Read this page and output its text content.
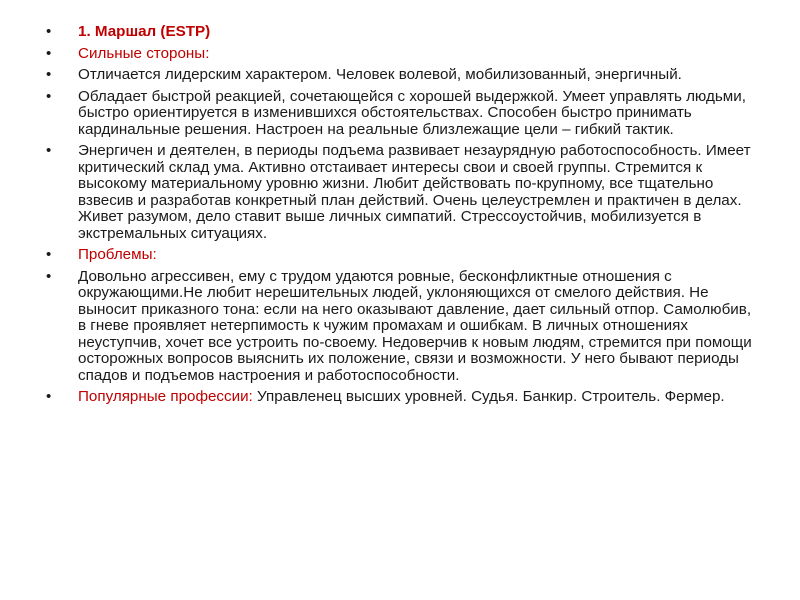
•	1. Маршал (ESTP)
•	Сильные стороны:
•	Отличается лидерским характером. Человек волевой, мобилизованный, энергичный.
•	Обладает быстрой реакцией, сочетающейся с хорошей выдержкой. Умеет управлять людьми, быстро ориентируется в изменившихся обстоятельствах. Способен быстро принимать кардинальные решения. Настроен на реальные близлежащие цели – гибкий тактик.
•	Энергичен и деятелен, в периоды подъема развивает незаурядную работоспособность. Имеет критический склад ума. Активно отстаивает интересы свои и своей группы. Стремится к высокому материальному уровню жизни. Любит действовать по-крупному, все тщательно взвесив и разработав конкретный план действий. Очень целеустремлен и практичен в делах. Живет разумом, дело ставит выше личных симпатий. Стрессоустойчив, мобилизуется в экстремальных ситуациях.
•	Проблемы:
•	Довольно агрессивен, ему с трудом удаются ровные, бесконфликтные отношения с окружающими.Не любит нерешительных людей, уклоняющихся от смелого действия. Не выносит приказного тона: если на него оказывают давление, дает сильный отпор. Самолюбив, в гневе проявляет нетерпимость к чужим промахам и ошибкам. В личных отношениях неуступчив, хочет все устроить по-своему. Недоверчив к новым людям, стремится при помощи осторожных вопросов выяснить их положение, связи и возможности. У него бывают периоды спадов и подъемов настроения и работоспособности.
•	Популярные профессии: Управленец высших уровней. Судья. Банкир. Строитель. Фермер.
